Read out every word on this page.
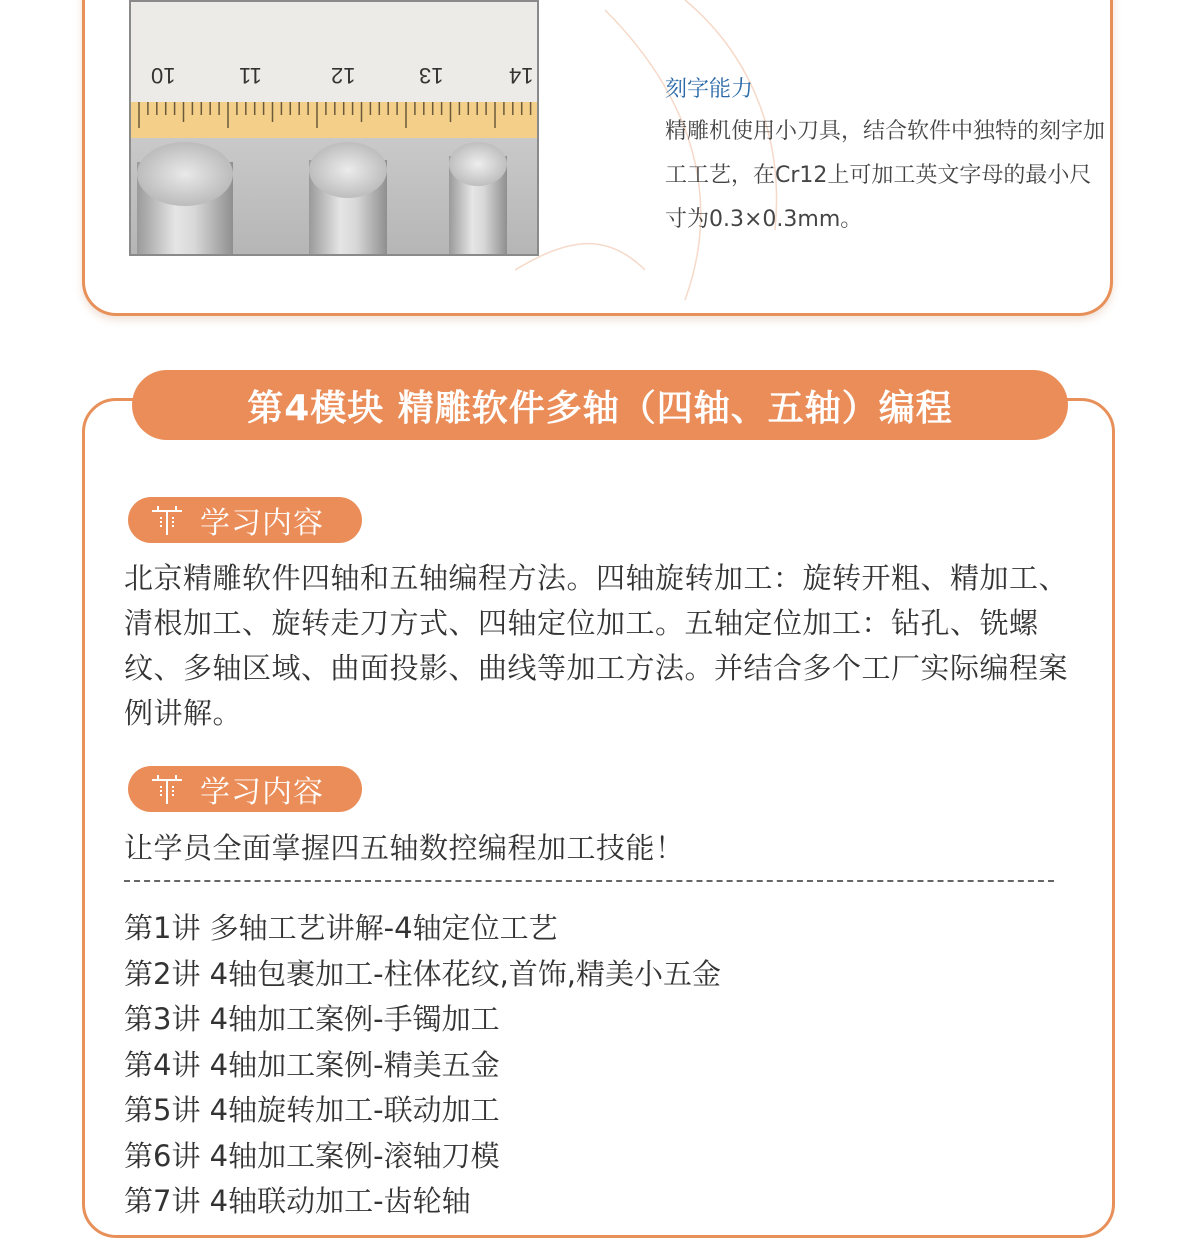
10	11	12	13	14
刻字能力
精雕机使用小刀具，结合软件中独特的刻字加工工艺，在Cr12上可加工英文字母的最小尺寸为0.3×0.3mm。
第4模块 精雕软件多轴（四轴、五轴）编程
学习内容
北京精雕软件四轴和五轴编程方法。四轴旋转加工：旋转开粗、精加工、清根加工、旋转走刀方式、四轴定位加工。五轴定位加工：钻孔、铣螺纹、多轴区域、曲面投影、曲线等加工方法。并结合多个工厂实际编程案例讲解。
学习内容
让学员全面掌握四五轴数控编程加工技能！
第1讲 多轴工艺讲解-4轴定位工艺
第2讲 4轴包裹加工-柱体花纹,首饰,精美小五金
第3讲 4轴加工案例-手镯加工
第4讲 4轴加工案例-精美五金
第5讲 4轴旋转加工-联动加工
第6讲 4轴加工案例-滚轴刀模
第7讲 4轴联动加工-齿轮轴
